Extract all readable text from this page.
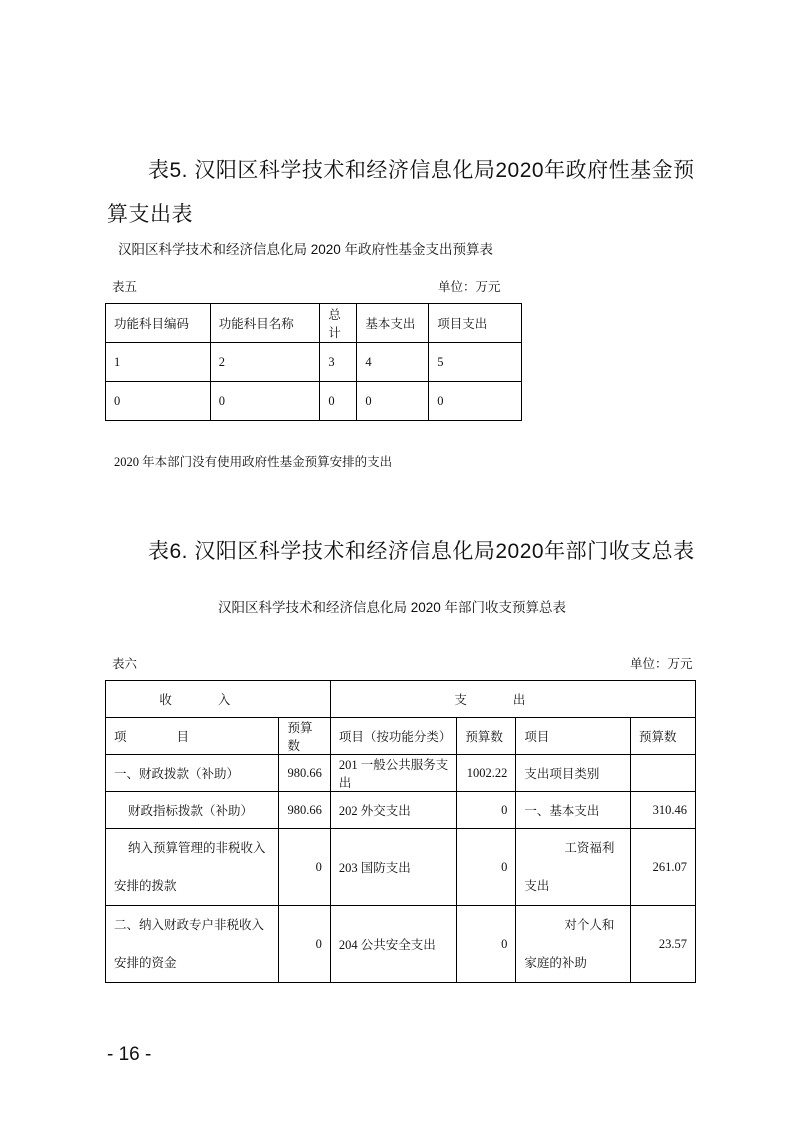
表5. 汉阳区科学技术和经济信息化局2020年政府性基金预
算支出表
汉阳区科学技术和经济信息化局 2020 年政府性基金支出预算表
表五	单位：万元
功能科目编码	功能科目名称	总计	基本支出	项目支出
1	2	3	4	5
0	0	0	0	0
2020 年本部门没有使用政府性基金预算安排的支出
表6. 汉阳区科学技术和经济信息化局2020年部门收支总表
汉阳区科学技术和经济信息化局 2020 年部门收支预算总表
表六	单位：万元
收入		支出			
项　　　　目	预算数	项目（按功能分类）	预算数	项目	预算数
一、财政拨款（补助）	980.66	201 一般公共服务支出	1002.22	支出项目类别	
财政指标拨款（补助）	980.66	202 外交支出	0	一、基本支出	310.46
纳入预算管理的非税收入安排的拨款	0	203 国防支出	0	工资福利支出	261.07
二、纳入财政专户非税收入安排的资金	0	204 公共安全支出	0	对个人和家庭的补助	23.57
- 16 -
